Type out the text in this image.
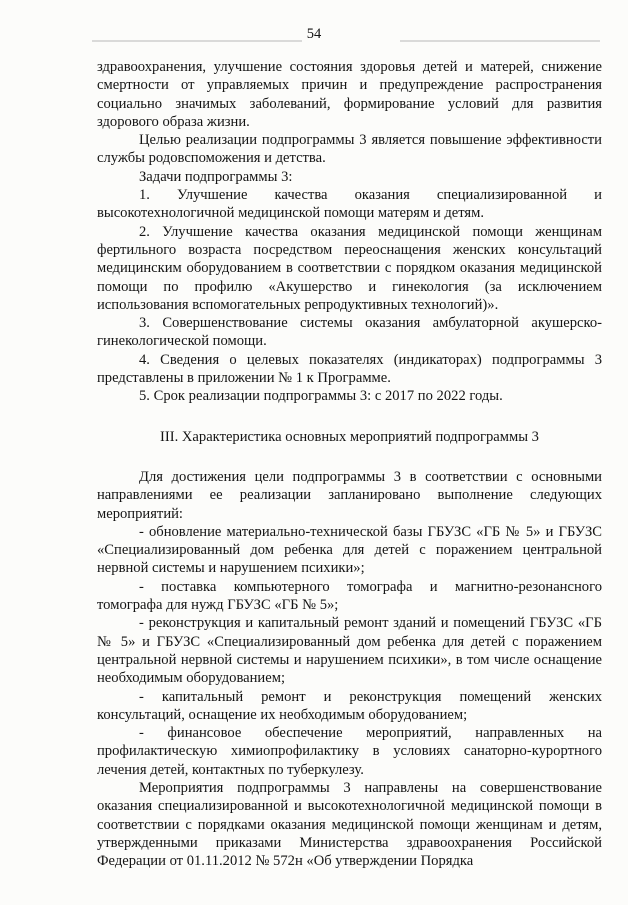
54

здравоохранения, улучшение состояния здоровья детей и матерей, снижение смертности от управляемых причин и предупреждение распространения социально значимых заболеваний, формирование условий для развития здорового образа жизни.

Целью реализации подпрограммы 3 является повышение эффективности службы родовспоможения и детства.

Задачи подпрограммы 3:

1. Улучшение качества оказания специализированной и высокотехнологичной медицинской помощи матерям и детям.

2. Улучшение качества оказания медицинской помощи женщинам фертильного возраста посредством переоснащения женских консультаций медицинским оборудованием в соответствии с порядком оказания медицинской помощи по профилю «Акушерство и гинекология (за исключением использования вспомогательных репродуктивных технологий)».

3. Совершенствование системы оказания амбулаторной акушерско-гинекологической помощи.

4. Сведения о целевых показателях (индикаторах) подпрограммы 3 представлены в приложении № 1 к Программе.

5. Срок реализации подпрограммы 3: с 2017 по 2022 годы.

III. Характеристика основных мероприятий подпрограммы 3

Для достижения цели подпрограммы 3 в соответствии с основными направлениями ее реализации запланировано выполнение следующих мероприятий:

- обновление материально-технической базы ГБУЗС «ГБ № 5» и ГБУЗС «Специализированный дом ребенка для детей с поражением центральной нервной системы и нарушением психики»;

- поставка компьютерного томографа и магнитно-резонансного томографа для нужд ГБУЗС «ГБ № 5»;

- реконструкция и капитальный ремонт зданий и помещений ГБУЗС «ГБ № 5» и ГБУЗС «Специализированный дом ребенка для детей с поражением центральной нервной системы и нарушением психики», в том числе оснащение необходимым оборудованием;

- капитальный ремонт и реконструкция помещений женских консультаций, оснащение их необходимым оборудованием;

- финансовое обеспечение мероприятий, направленных на профилактическую химиопрофилактику в условиях санаторно-курортного лечения детей, контактных по туберкулезу.

Мероприятия подпрограммы 3 направлены на совершенствование оказания специализированной и высокотехнологичной медицинской помощи в соответствии с порядками оказания медицинской помощи женщинам и детям, утвержденными приказами Министерства здравоохранения Российской Федерации от 01.11.2012 № 572н «Об утверждении Порядка
